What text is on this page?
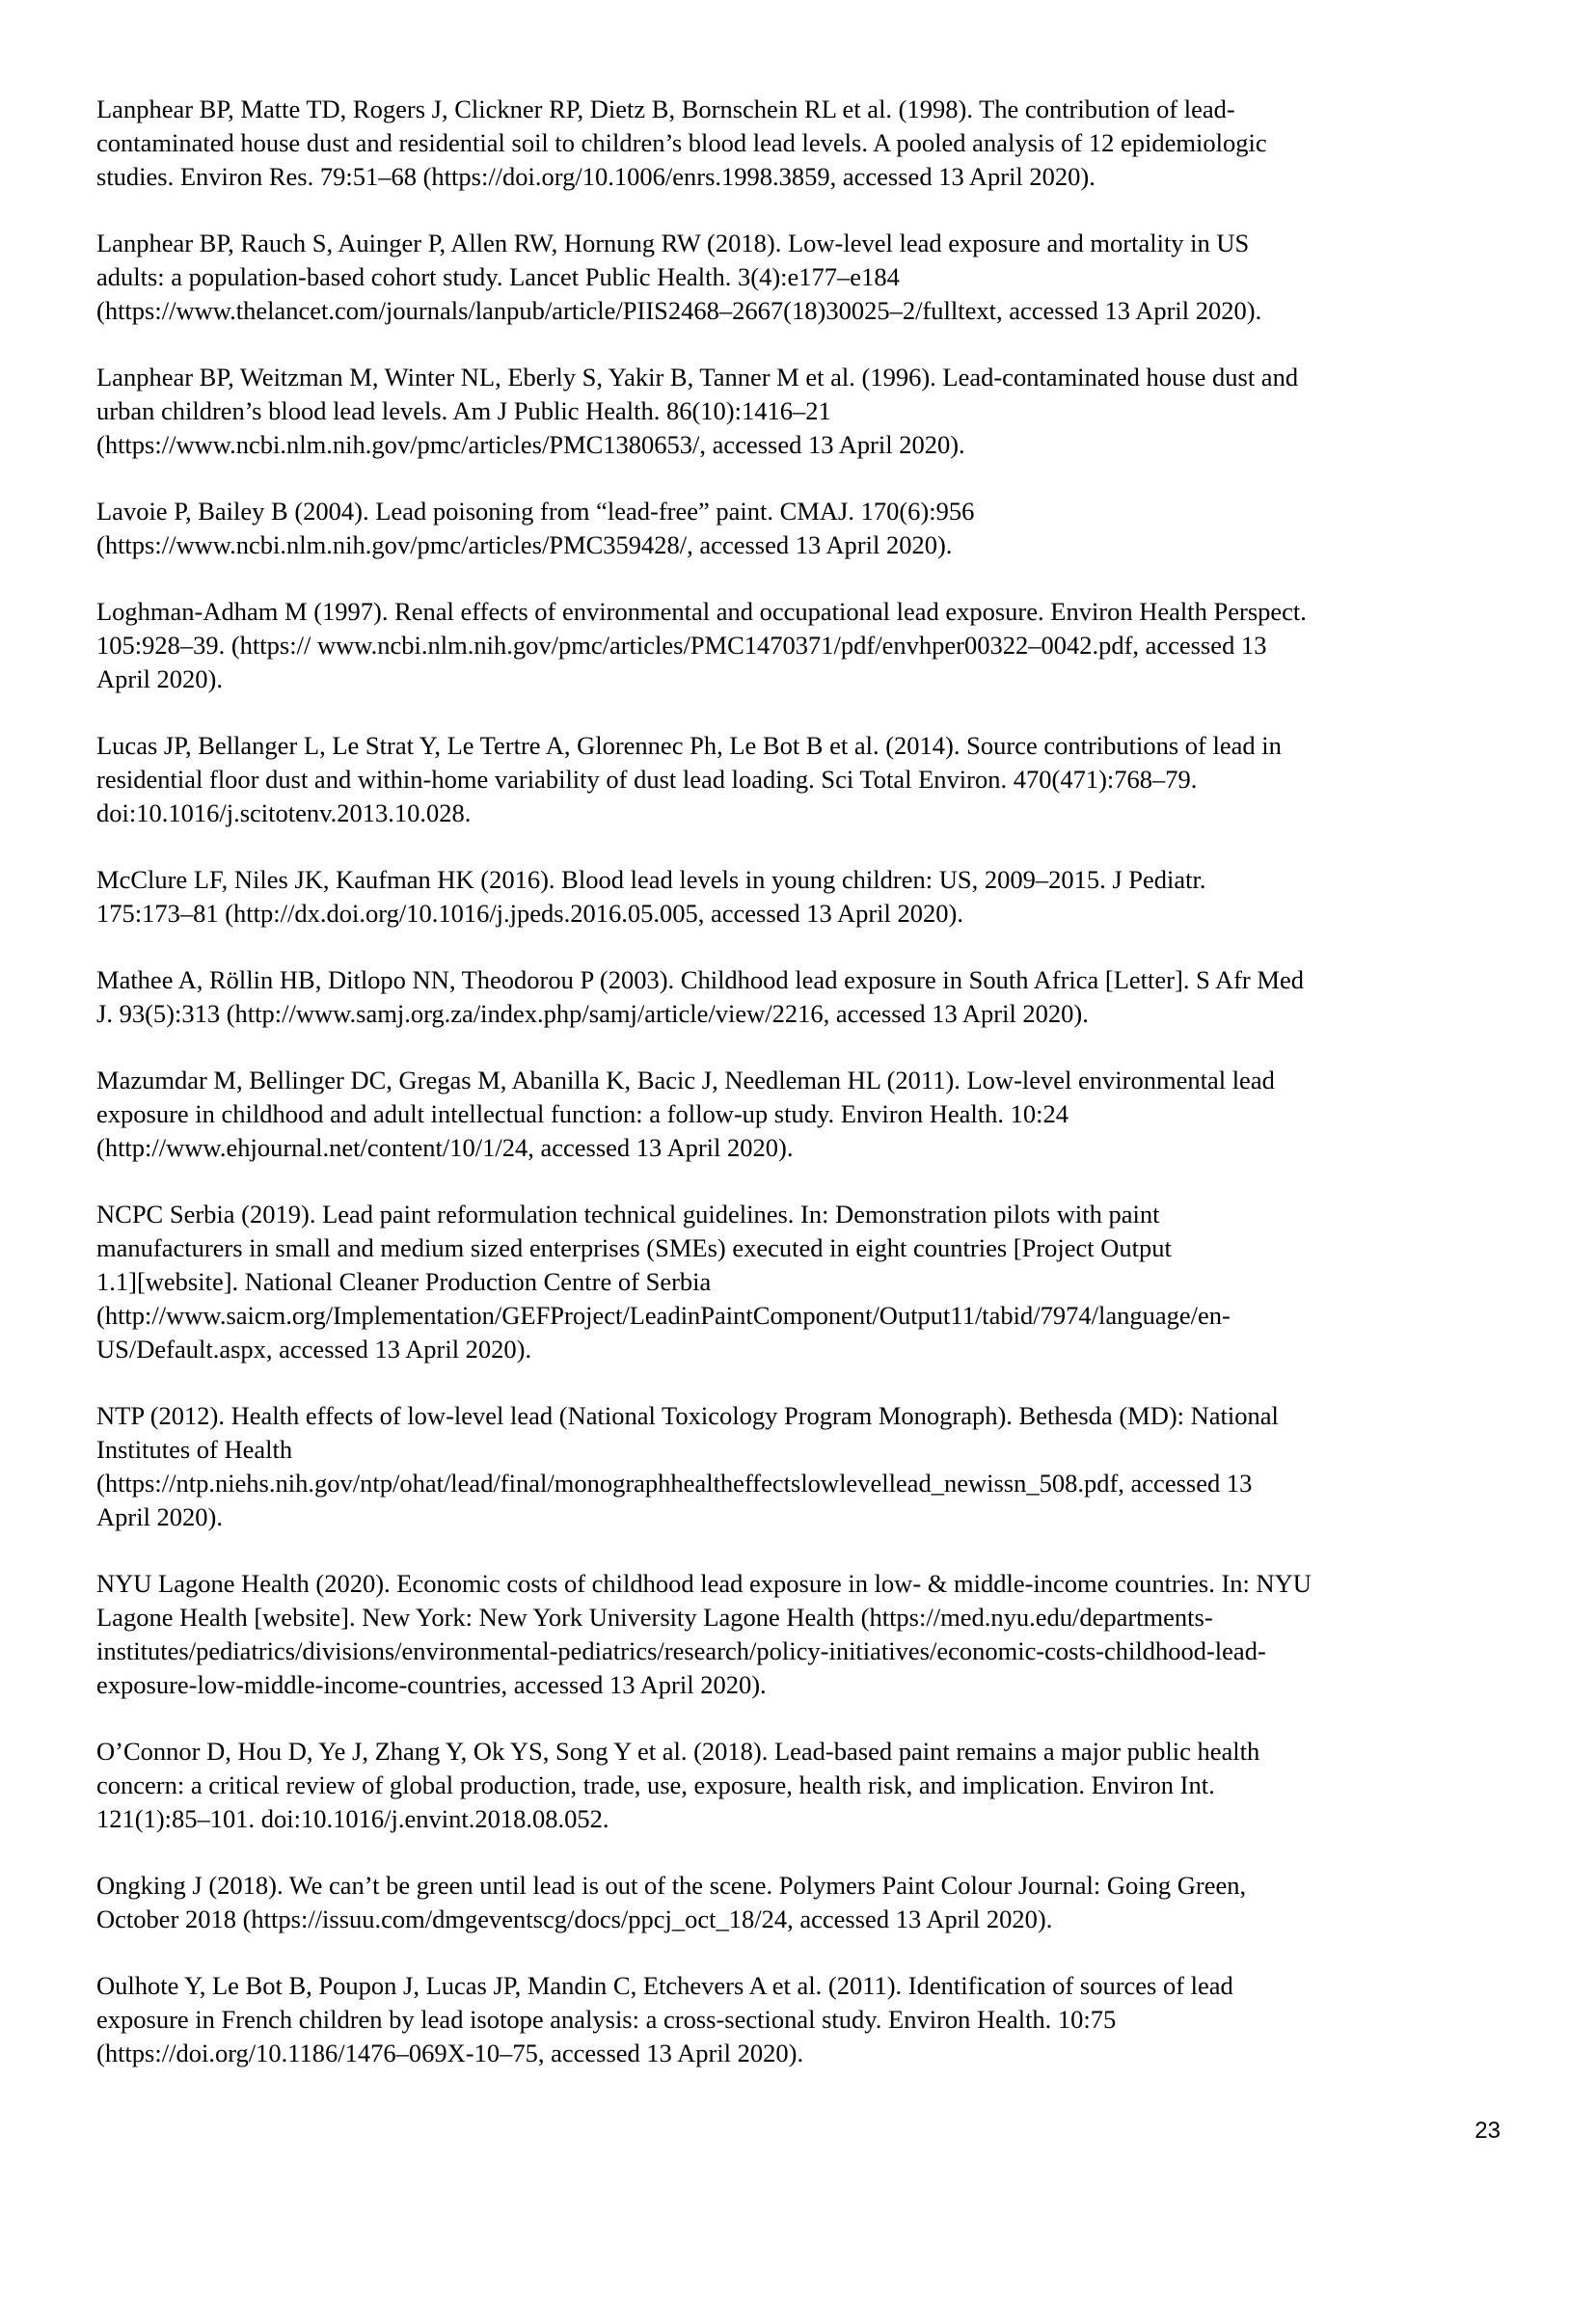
Lanphear BP, Matte TD, Rogers J, Clickner RP, Dietz B, Bornschein RL et al. (1998). The contribution of lead-
contaminated house dust and residential soil to children’s blood lead levels. A pooled analysis of 12 epidemiologic
studies. Environ Res. 79:51–68 (https://doi.org/10.1006/enrs.1998.3859, accessed 13 April 2020).

Lanphear BP, Rauch S, Auinger P, Allen RW, Hornung RW (2018). Low-level lead exposure and mortality in US
adults: a population-based cohort study. Lancet Public Health. 3(4):e177–e184
(https://www.thelancet.com/journals/lanpub/article/PIIS2468–2667(18)30025–2/fulltext, accessed 13 April 2020).

Lanphear BP, Weitzman M, Winter NL, Eberly S, Yakir B, Tanner M et al. (1996). Lead-contaminated house dust and
urban children’s blood lead levels. Am J Public Health. 86(10):1416–21
(https://www.ncbi.nlm.nih.gov/pmc/articles/PMC1380653/, accessed 13 April 2020).

Lavoie P, Bailey B (2004). Lead poisoning from “lead-free” paint. CMAJ. 170(6):956
(https://www.ncbi.nlm.nih.gov/pmc/articles/PMC359428/, accessed 13 April 2020).

Loghman-Adham M (1997). Renal effects of environmental and occupational lead exposure. Environ Health Perspect.
105:928–39. (https:// www.ncbi.nlm.nih.gov/pmc/articles/PMC1470371/pdf/envhper00322–0042.pdf, accessed 13
April 2020).

Lucas JP, Bellanger L, Le Strat Y, Le Tertre A, Glorennec Ph, Le Bot B et al. (2014). Source contributions of lead in
residential floor dust and within-home variability of dust lead loading. Sci Total Environ. 470(471):768–79.
doi:10.1016/j.scitotenv.2013.10.028.

McClure LF, Niles JK, Kaufman HK (2016). Blood lead levels in young children: US, 2009–2015. J Pediatr.
175:173–81 (http://dx.doi.org/10.1016/j.jpeds.2016.05.005, accessed 13 April 2020).

Mathee A, Röllin HB, Ditlopo NN, Theodorou P (2003). Childhood lead exposure in South Africa [Letter]. S Afr Med
J. 93(5):313 (http://www.samj.org.za/index.php/samj/article/view/2216, accessed 13 April 2020).

Mazumdar M, Bellinger DC, Gregas M, Abanilla K, Bacic J, Needleman HL (2011). Low-level environmental lead
exposure in childhood and adult intellectual function: a follow-up study. Environ Health. 10:24
(http://www.ehjournal.net/content/10/1/24, accessed 13 April 2020).

NCPC Serbia (2019). Lead paint reformulation technical guidelines. In: Demonstration pilots with paint
manufacturers in small and medium sized enterprises (SMEs) executed in eight countries [Project Output
1.1][website]. National Cleaner Production Centre of Serbia
(http://www.saicm.org/Implementation/GEFProject/LeadinPaintComponent/Output11/tabid/7974/language/en-
US/Default.aspx, accessed 13 April 2020).

NTP (2012). Health effects of low-level lead (National Toxicology Program Monograph). Bethesda (MD): National
Institutes of Health
(https://ntp.niehs.nih.gov/ntp/ohat/lead/final/monographhealtheffectslowlevellead_newissn_508.pdf, accessed 13
April 2020).

NYU Lagone Health (2020). Economic costs of childhood lead exposure in low- & middle-income countries. In: NYU
Lagone Health [website]. New York: New York University Lagone Health (https://med.nyu.edu/departments-
institutes/pediatrics/divisions/environmental-pediatrics/research/policy-initiatives/economic-costs-childhood-lead-
exposure-low-middle-income-countries, accessed 13 April 2020).

O’Connor D, Hou D, Ye J, Zhang Y, Ok YS, Song Y et al. (2018). Lead-based paint remains a major public health
concern: a critical review of global production, trade, use, exposure, health risk, and implication. Environ Int.
121(1):85–101. doi:10.1016/j.envint.2018.08.052.

Ongking J (2018). We can’t be green until lead is out of the scene. Polymers Paint Colour Journal: Going Green,
October 2018 (https://issuu.com/dmgeventscg/docs/ppcj_oct_18/24, accessed 13 April 2020).

Oulhote Y, Le Bot B, Poupon J, Lucas JP, Mandin C, Etchevers A et al. (2011). Identification of sources of lead
exposure in French children by lead isotope analysis: a cross-sectional study. Environ Health. 10:75
(https://doi.org/10.1186/1476–069X-10–75, accessed 13 April 2020).

23
